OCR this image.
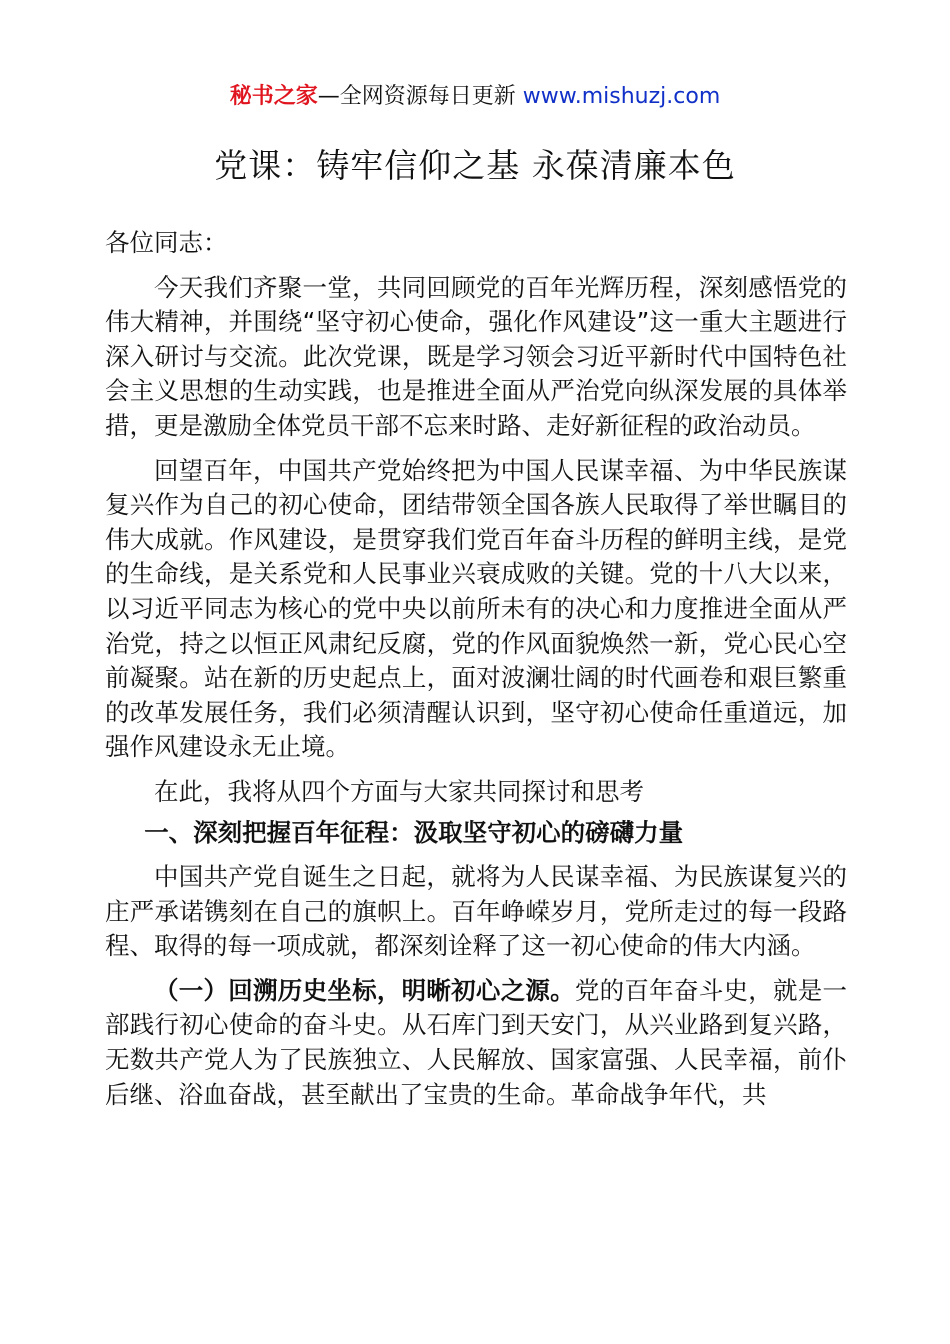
秘书之家—全网资源每日更新 www.mishuzj.com
党课：铸牢信仰之基 永葆清廉本色

各位同志：

今天我们齐聚一堂，共同回顾党的百年光辉历程，深刻感悟党的伟大精神，并围绕“坚守初心使命，强化作风建设”这一重大主题进行深入研讨与交流。此次党课，既是学习领会习近平新时代中国特色社会主义思想的生动实践，也是推进全面从严治党向纵深发展的具体举措，更是激励全体党员干部不忘来时路、走好新征程的政治动员。

回望百年，中国共产党始终把为中国人民谋幸福、为中华民族谋复兴作为自己的初心使命，团结带领全国各族人民取得了举世瞩目的伟大成就。作风建设，是贯穿我们党百年奋斗历程的鲜明主线，是党的生命线，是关系党和人民事业兴衰成败的关键。党的十八大以来，以习近平同志为核心的党中央以前所未有的决心和力度推进全面从严治党，持之以恒正风肃纪反腐，党的作风面貌焕然一新，党心民心空前凝聚。站在新的历史起点上，面对波澜壮阔的时代画卷和艰巨繁重的改革发展任务，我们必须清醒认识到，坚守初心使命任重道远，加强作风建设永无止境。

在此，我将从四个方面与大家共同探讨和思考

一、深刻把握百年征程：汲取坚守初心的磅礴力量

中国共产党自诞生之日起，就将为人民谋幸福、为民族谋复兴的庄严承诺镌刻在自己的旗帜上。百年峥嵘岁月，党所走过的每一段路程、取得的每一项成就，都深刻诠释了这一初心使命的伟大内涵。

（一）回溯历史坐标，明晰初心之源。党的百年奋斗史，就是一部践行初心使命的奋斗史。从石库门到天安门，从兴业路到复兴路，无数共产党人为了民族独立、人民解放、国家富强、人民幸福，前仆后继、浴血奋战，甚至献出了宝贵的生命。革命战争年代，共
